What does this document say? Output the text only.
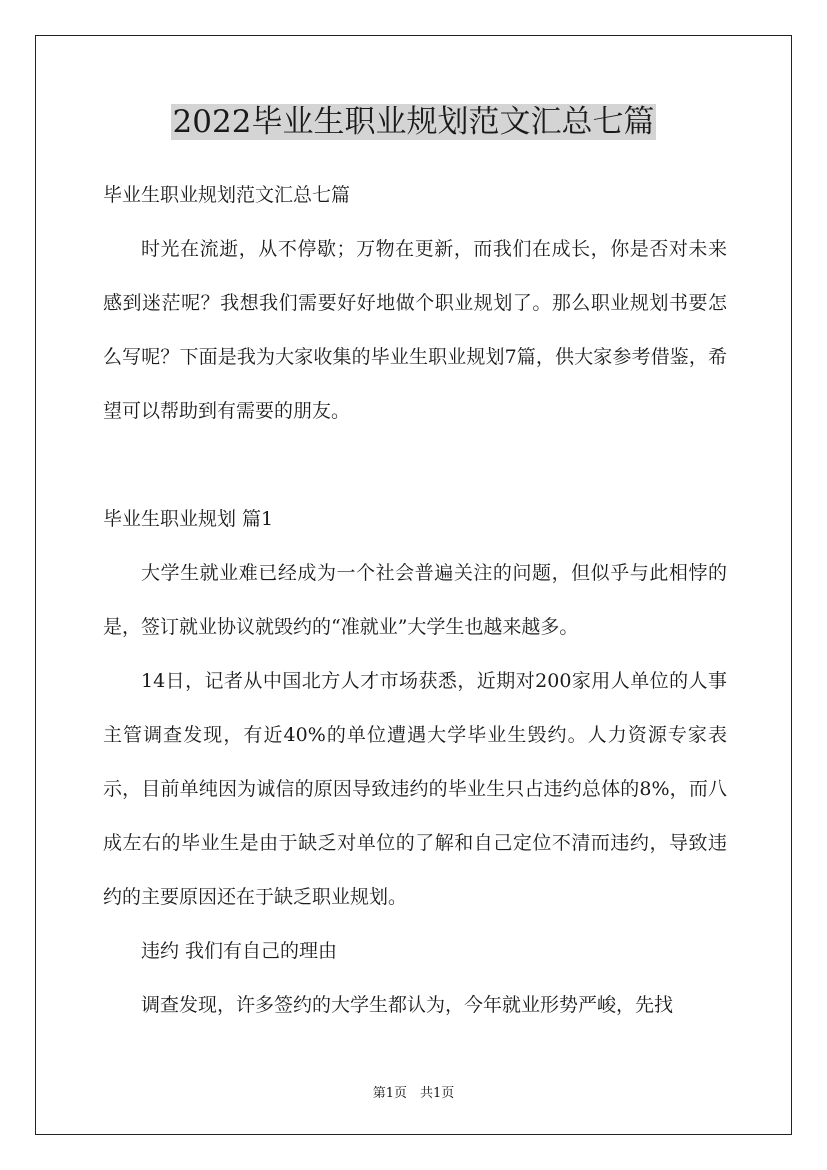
2022毕业生职业规划范文汇总七篇

毕业生职业规划范文汇总七篇

时光在流逝，从不停歇；万物在更新，而我们在成长，你是否对未来感到迷茫呢？我想我们需要好好地做个职业规划了。那么职业规划书要怎么写呢？下面是我为大家收集的毕业生职业规划7篇，供大家参考借鉴，希望可以帮助到有需要的朋友。

毕业生职业规划 篇1

大学生就业难已经成为一个社会普遍关注的问题，但似乎与此相悖的是，签订就业协议就毁约的“准就业”大学生也越来越多。

14日，记者从中国北方人才市场获悉，近期对200家用人单位的人事主管调查发现，有近40%的单位遭遇大学毕业生毁约。人力资源专家表示，目前单纯因为诚信的原因导致违约的毕业生只占违约总体的8%，而八成左右的毕业生是由于缺乏对单位的了解和自己定位不清而违约，导致违约的主要原因还在于缺乏职业规划。

违约 我们有自己的理由

调查发现，许多签约的大学生都认为，今年就业形势严峻，先找

第1页　共1页
